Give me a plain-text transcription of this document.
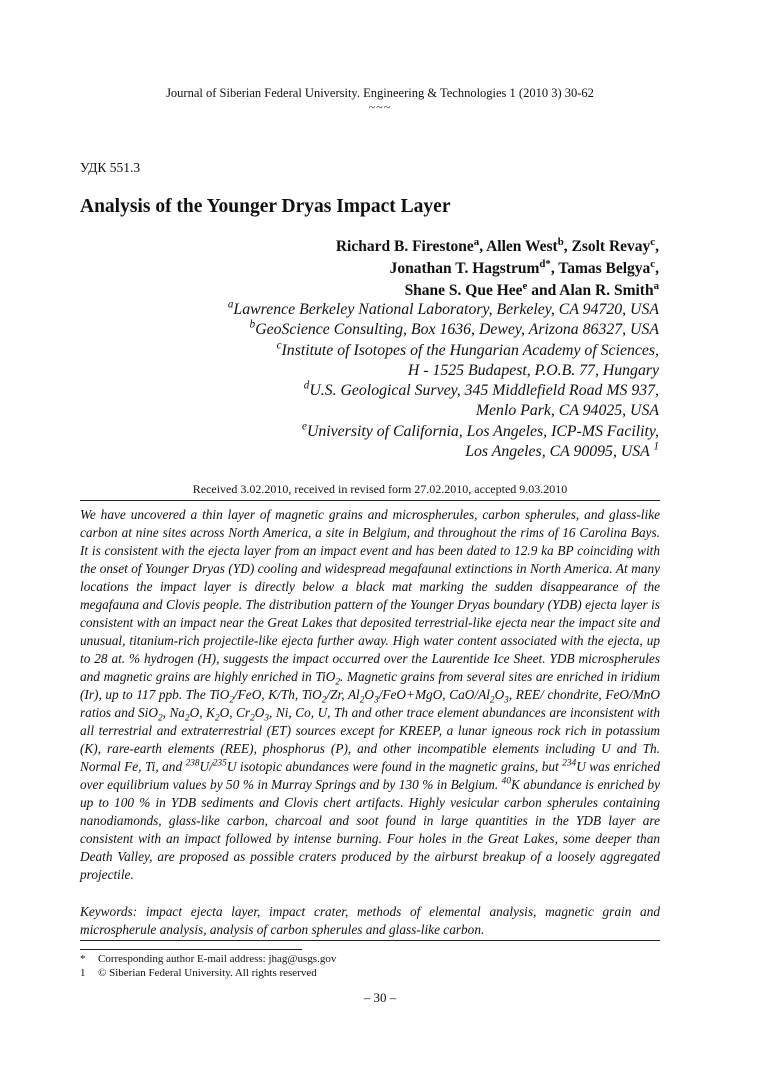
Journal of Siberian Federal University. Engineering & Technologies 1 (2010 3) 30-62
~~~
УДК 551.3
Analysis of the Younger Dryas Impact Layer
Richard B. Firestone$^a$, Allen West$^b$, Zsolt Revay$^c$,
Jonathan T. Hagstrum$^{d*}$, Tamas Belgya$^c$,
Shane S. Que Hee$^e$ and Alan R. Smith$^a$
$^a$Lawrence Berkeley National Laboratory, Berkeley, CA 94720, USA
$^b$GeoScience Consulting, Box 1636, Dewey, Arizona 86327, USA
$^c$Institute of Isotopes of the Hungarian Academy of Sciences,
H - 1525 Budapest, P.O.B. 77, Hungary
$^d$U.S. Geological Survey, 345 Middlefield Road MS 937,
Menlo Park, CA 94025, USA
$^e$University of California, Los Angeles, ICP-MS Facility,
Los Angeles, CA 90095, USA $^1$
Received 3.02.2010, received in revised form 27.02.2010, accepted 9.03.2010
We have uncovered a thin layer of magnetic grains and microspherules, carbon spherules, and glass-like carbon at nine sites across North America, a site in Belgium, and throughout the rims of 16 Carolina Bays. It is consistent with the ejecta layer from an impact event and has been dated to 12.9 ka BP coinciding with the onset of Younger Dryas (YD) cooling and widespread megafaunal extinctions in North America. At many locations the impact layer is directly below a black mat marking the sudden disappearance of the megafauna and Clovis people. The distribution pattern of the Younger Dryas boundary (YDB) ejecta layer is consistent with an impact near the Great Lakes that deposited terrestrial-like ejecta near the impact site and unusual, titanium-rich projectile-like ejecta further away. High water content associated with the ejecta, up to 28 at. % hydrogen (H), suggests the impact occurred over the Laurentide Ice Sheet. YDB microspherules and magnetic grains are highly enriched in TiO$_2$. Magnetic grains from several sites are enriched in iridium (Ir), up to 117 ppb. The TiO$_2$/FeO, K/Th, TiO$_2$/Zr, $Al_2O_3/FeO+MgO$, CaO/$Al_2O_3$, REE/ chondrite, FeO/MnO ratios and SiO$_2$, $Na_2O$, $K_2O$, $Cr_2O_3$, Ni, Co, U, Th and other trace element abundances are inconsistent with all terrestrial and extraterrestrial (ET) sources except for KREEP, a lunar igneous rock rich in potassium (K), rare-earth elements (REE), phosphorus (P), and other incompatible elements including U and Th. Normal Fe, Ti, and $^{238}$U/$^{235}$U isotopic abundances were found in the magnetic grains, but $^{234}$U was enriched over equilibrium values by 50 % in Murray Springs and by 130 % in Belgium. $^{40}$K abundance is enriched by up to 100 % in YDB sediments and Clovis chert artifacts. Highly vesicular carbon spherules containing nanodiamonds, glass-like carbon, charcoal and soot found in large quantities in the YDB layer are consistent with an impact followed by intense burning. Four holes in the Great Lakes, some deeper than Death Valley, are proposed as possible craters produced by the airburst breakup of a loosely aggregated projectile.
Keywords: impact ejecta layer, impact crater, methods of elemental analysis, magnetic grain and microspherule analysis, analysis of carbon spherules and glass-like carbon.
* Corresponding author E-mail address: jhag@usgs.gov
1 © Siberian Federal University. All rights reserved
– 30 –
